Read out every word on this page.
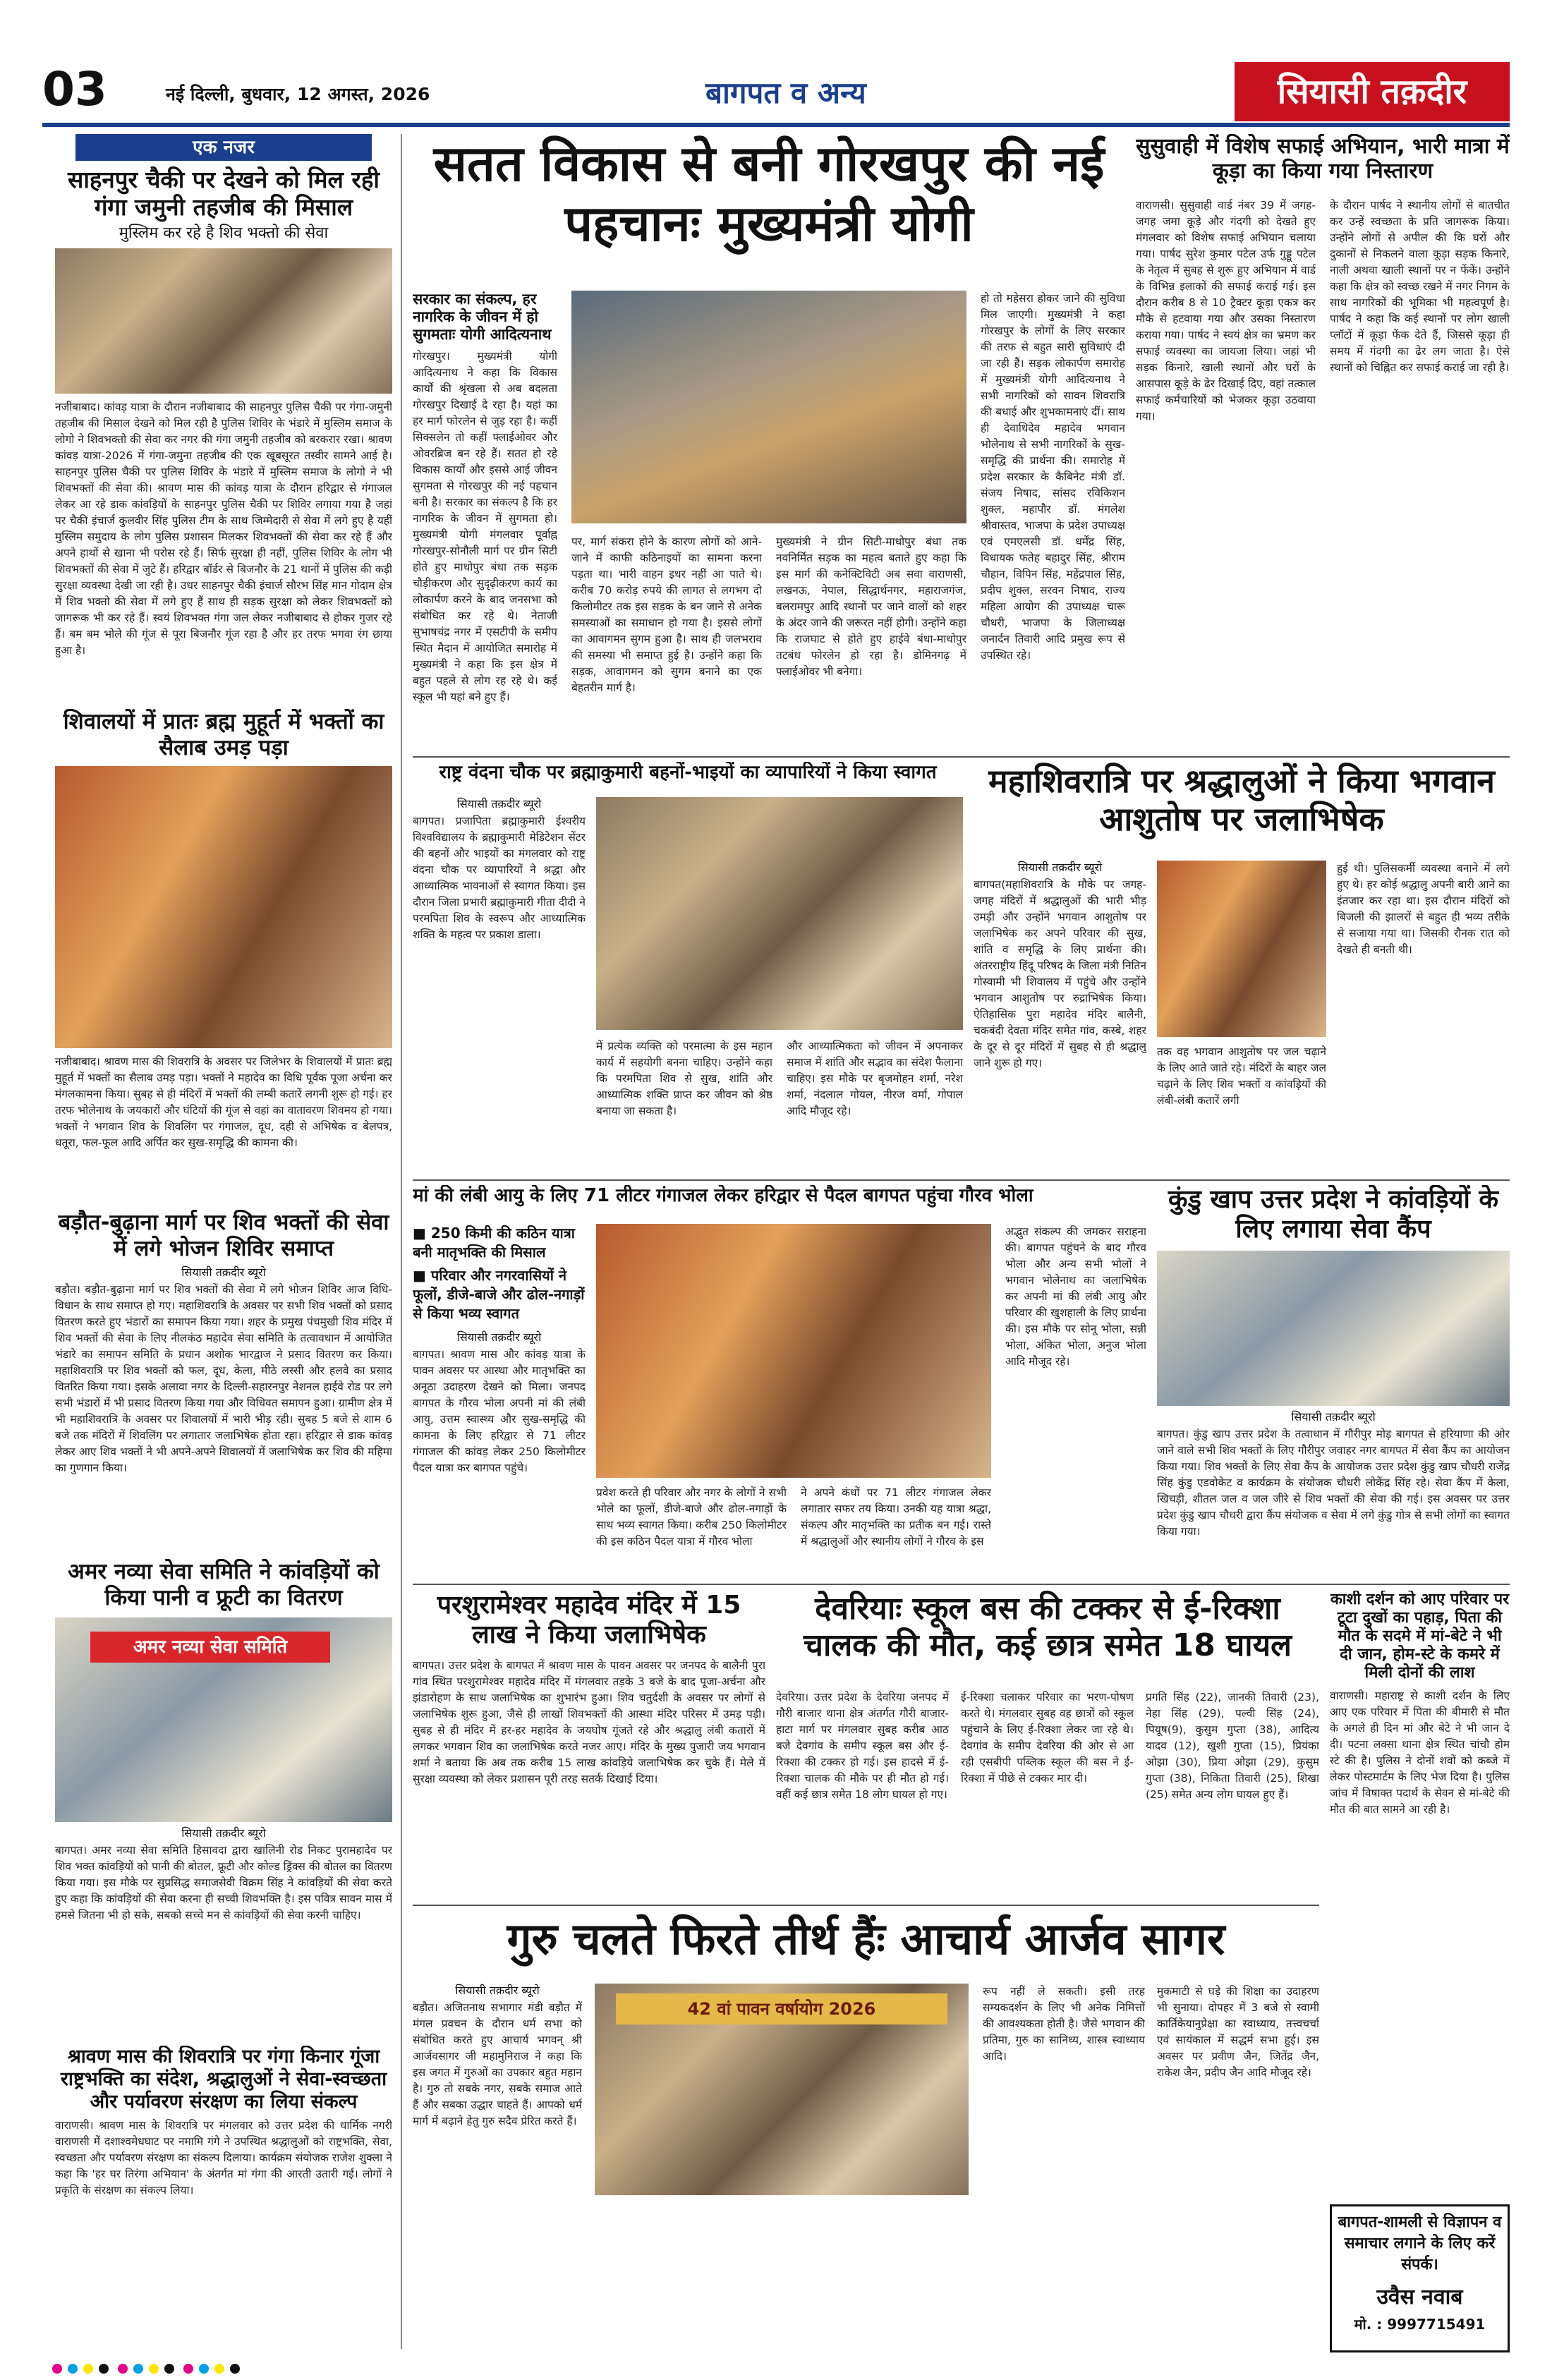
03	नई दिल्ली, बुधवार, 12 अगस्त, 2026	बागपत व अन्य	सियासी तक़दीर
एक नजर
साहनपुर चैकी पर देखने को मिल रही गंगा जमुनी तहजीब की मिसाल
मुस्लिम कर रहे है शिव भक्तो की सेवा
नजीबाबाद। कांवड़ यात्रा के दौरान नजीबाबाद की साहनपुर पुलिस चैकी पर गंगा-जमुनी तहजीब की मिसाल देखने को मिल रही है पुलिस शिविर के भंडारे में मुस्लिम समाज के लोगो ने शिवभक्तो की सेवा कर नगर की गंगा जमुनी तहजीब को बरकरार रखा। श्रावण कांवड़ यात्रा-2026 में गंगा-जमुना तहजीब की एक खूबसूरत तस्वीर सामने आई है। साहनपुर पुलिस चैकी पर पुलिस शिविर के भंडारे में मुस्लिम समाज के लोगो ने भी शिवभक्तों की सेवा की। श्रावण मास की कांवड़ यात्रा के दौरान हरिद्वार से गंगाजल लेकर आ रहे डाक कांवड़ियों के साहनपुर पुलिस चैकी पर शिविर लगाया गया है जहां पर चैकी इंचार्ज कुलवीर सिंह पुलिस टीम के साथ जिम्मेदारी से सेवा में लगे हुए है यहीं मुस्लिम समुदाय के लोग पुलिस प्रशासन मिलकर शिवभक्तों की सेवा कर रहे हैं और अपने हाथों से खाना भी परोस रहे हैं। सिर्फ सुरक्षा ही नहीं, पुलिस शिविर के लोग भी शिवभक्तों की सेवा में जुटे हैं। हरिद्वार बॉर्डर से बिजनौर के 21 थानों में पुलिस की कड़ी सुरक्षा व्यवस्था देखी जा रही है। उधर साहनपुर चैकी इंचार्ज सौरभ सिंह मान गोदाम क्षेत्र में शिव भक्तो की सेवा में लगे हुए हैं साथ ही सड़क सुरक्षा को लेकर शिवभक्तों को जागरूक भी कर रहे हैं। स्वयं शिवभक्त गंगा जल लेकर नजीबाबाद से होकर गुजर रहे हैं। बम बम भोले की गूंज से पूरा बिजनौर गूंज रहा है और हर तरफ भगवा रंग छाया हुआ है।
शिवालयों में प्रातः ब्रह्म मुहूर्त में भक्तों का सैलाब उमड़ पड़ा
नजीबाबाद। श्रावण मास की शिवरात्रि के अवसर पर जिलेभर के शिवालयों में प्रातः ब्रह्म मुहूर्त में भक्तों का सैलाब उमड़ पड़ा। भक्तों ने महादेव का विधि पूर्वक पूजा अर्चना कर मंगलकामना किया। सुबह से ही मंदिरों में भक्तों की लम्बी कतारें लगनी शुरू हो गई। हर तरफ भोलेनाथ के जयकारों और घंटियों की गूंज से वहां का वातावरण शिवमय हो गया। भक्तों ने भगवान शिव के शिवलिंग पर गंगाजल, दूध, दही से अभिषेक व बेलपत्र, धतूरा, फल-फूल आदि अर्पित कर सुख-समृद्धि की कामना की।
बड़ौत-बुढ़ाना मार्ग पर शिव भक्तों की सेवा में लगे भोजन शिविर समाप्त
सियासी तक़दीर ब्यूरो
बड़ौत। बड़ौत-बुढ़ाना मार्ग पर शिव भक्तों की सेवा में लगे भोजन शिविर आज विधि-विधान के साथ समाप्त हो गए। महाशिवरात्रि के अवसर पर सभी शिव भक्तों को प्रसाद वितरण करते हुए भंडारों का समापन किया गया। शहर के प्रमुख पंचमुखी शिव मंदिर में शिव भक्तों की सेवा के लिए नीलकंठ महादेव सेवा समिति के तत्वावधान में आयोजित भंडारे का समापन समिति के प्रधान अशोक भारद्वाज ने प्रसाद वितरण कर किया। महाशिवरात्रि पर शिव भक्तों को फल, दूध, केला, मीठे लस्सी और हलवे का प्रसाद वितरित किया गया। इसके अलावा नगर के दिल्ली-सहारनपुर नेशनल हाईवे रोड पर लगे सभी भंडारों में भी प्रसाद वितरण किया गया और विधिवत समापन हुआ। ग्रामीण क्षेत्र में भी महाशिवरात्रि के अवसर पर शिवालयों में भारी भीड़ रही। सुबह 5 बजे से शाम 6 बजे तक मंदिरों में शिवलिंग पर लगातार जलाभिषेक होता रहा। हरिद्वार से डाक कांवड़ लेकर आए शिव भक्तों ने भी अपने-अपने शिवालयों में जलाभिषेक कर शिव की महिमा का गुणगान किया।
अमर नव्या सेवा समिति ने कांवड़ियों को किया पानी व फ्रूटी का वितरण
अमर नव्या सेवा समिति
सियासी तक़दीर ब्यूरो
बागपत। अमर नव्या सेवा समिति हिसावदा द्वारा खालिनी रोड निकट पुरामहादेव पर शिव भक्त कांवड़ियों को पानी की बोतल, फ्रूटी और कोल्ड ड्रिंक्स की बोतल का वितरण किया गया। इस मौके पर सुप्रसिद्ध समाजसेवी विक्रम सिंह ने कांवड़ियों की सेवा करते हुए कहा कि कांवड़ियों की सेवा करना ही सच्ची शिवभक्ति है। इस पवित्र सावन मास में हमसे जितना भी हो सके, सबको सच्चे मन से कांवड़ियों की सेवा करनी चाहिए।
श्रावण मास की शिवरात्रि पर गंगा किनार गूंजा राष्ट्रभक्ति का संदेश, श्रद्धालुओं ने सेवा-स्वच्छता और पर्यावरण संरक्षण का लिया संकल्प
वाराणसी। श्रावण मास के शिवरात्रि पर मंगलवार को उत्तर प्रदेश की धार्मिक नगरी वाराणसी में दशाश्वमेधघाट पर नमामि गंगे ने उपस्थित श्रद्धालुओं को राष्ट्रभक्ति, सेवा, स्वच्छता और पर्यावरण संरक्षण का संकल्प दिलाया। कार्यक्रम संयोजक राजेश शुक्ला ने कहा कि 'हर घर तिरंगा अभियान' के अंतर्गत मां गंगा की आरती उतारी गई। लोगों ने प्रकृति के संरक्षण का संकल्प लिया।
सतत विकास से बनी गोरखपुर की नई पहचानः मुख्यमंत्री योगी
सरकार का संकल्प, हर नागरिक के जीवन में हो सुगमताः योगी आदित्यनाथ
गोरखपुर। मुख्यमंत्री योगी आदित्यनाथ ने कहा कि विकास कार्यों की श्रृंखला से अब बदलता गोरखपुर दिखाई दे रहा है। यहां का हर मार्ग फोरलेन से जुड़ रहा है। कहीं सिक्सलेन तो कहीं फ्लाईओवर और ओवरब्रिज बन रहे हैं। सतत हो रहे विकास कार्यों और इससे आई जीवन सुगमता से गोरखपुर की नई पहचान बनी है। सरकार का संकल्प है कि हर नागरिक के जीवन में सुगमता हो। मुख्यमंत्री योगी मंगलवार पूर्वाह्न गोरखपुर-सोनौली मार्ग पर ग्रीन सिटी होते हुए माधोपुर बंधा तक सड़क चौड़ीकरण और सुदृढ़ीकरण कार्य का लोकार्पण करने के बाद जनसभा को संबोधित कर रहे थे। नेताजी सुभाषचंद्र नगर में एसटीपी के समीप स्थित मैदान में आयोजित समारोह में मुख्यमंत्री ने कहा कि इस क्षेत्र में बहुत पहले से लोग रह रहे थे। कई स्कूल भी यहां बने हुए हैं।
पर, मार्ग संकरा होने के कारण लोगों को आने-जाने में काफी कठिनाइयों का सामना करना पड़ता था। भारी वाहन इधर नहीं आ पाते थे। करीब 70 करोड़ रुपये की लागत से लगभग दो किलोमीटर तक इस सड़क के बन जाने से अनेक समस्याओं का समाधान हो गया है। इससे लोगों का आवागमन सुगम हुआ है। साथ ही जलभराव की समस्या भी समाप्त हुई है। उन्होंने कहा कि सड़क, आवागमन को सुगम बनाने का एक बेहतरीन मार्ग है।
मुख्यमंत्री ने ग्रीन सिटी-माधोपुर बंधा तक नवनिर्मित सड़क का महत्व बताते हुए कहा कि इस मार्ग की कनेक्टिविटी अब सवा वाराणसी, लखनऊ, नेपाल, सिद्धार्थनगर, महाराजगंज, बलरामपुर आदि स्थानों पर जाने वालों को शहर के अंदर जाने की जरूरत नहीं होगी। उन्होंने कहा कि राजघाट से होते हुए हाईवे बंधा-माधोपुर तटबंध फोरलेन हो रहा है। डोमिनगढ़ में फ्लाईओवर भी बनेगा।
हो तो महेसरा होकर जाने की सुविधा मिल जाएगी। मुख्यमंत्री ने कहा गोरखपुर के लोगों के लिए सरकार की तरफ से बहुत सारी सुविधाएं दी जा रही हैं। सड़क लोकार्पण समारोह में मुख्यमंत्री योगी आदित्यनाथ ने सभी नागरिकों को सावन शिवरात्रि की बधाई और शुभकामनाएं दीं। साथ ही देवाधिदेव महादेव भगवान भोलेनाथ से सभी नागरिकों के सुख-समृद्धि की प्रार्थना की। समारोह में प्रदेश सरकार के कैबिनेट मंत्री डॉ. संजय निषाद, सांसद रविकिशन शुक्ल, महापौर डॉ. मंगलेश श्रीवास्तव, भाजपा के प्रदेश उपाध्यक्ष एवं एमएलसी डॉ. धर्मेंद्र सिंह, विधायक फतेह बहादुर सिंह, श्रीराम चौहान, विपिन सिंह, महेंद्रपाल सिंह, प्रदीप शुक्ल, सरवन निषाद, राज्य महिला आयोग की उपाध्यक्ष चारू चौधरी, भाजपा के जिलाध्यक्ष जनार्दन तिवारी आदि प्रमुख रूप से उपस्थित रहे।
सुसुवाही में विशेष सफाई अभियान, भारी मात्रा में कूड़ा का किया गया निस्तारण
वाराणसी। सुसुवाही वार्ड नंबर 39 में जगह-जगह जमा कूड़े और गंदगी को देखते हुए मंगलवार को विशेष सफाई अभियान चलाया गया। पार्षद सुरेश कुमार पटेल उर्फ गुड्डू पटेल के नेतृत्व में सुबह से शुरू हुए अभियान में वार्ड के विभिन्न इलाकों की सफाई कराई गई। इस दौरान करीब 8 से 10 ट्रैक्टर कूड़ा एकत्र कर मौके से हटवाया गया और उसका निस्तारण कराया गया। पार्षद ने स्वयं क्षेत्र का भ्रमण कर सफाई व्यवस्था का जायजा लिया। जहां भी सड़क किनारे, खाली स्थानों और घरों के आसपास कूड़े के ढेर दिखाई दिए, वहां तत्काल सफाई कर्मचारियों को भेजकर कूड़ा उठवाया गया।
के दौरान पार्षद ने स्थानीय लोगों से बातचीत कर उन्हें स्वच्छता के प्रति जागरूक किया। उन्होंने लोगों से अपील की कि घरों और दुकानों से निकलने वाला कूड़ा सड़क किनारे, नाली अथवा खाली स्थानों पर न फेंकें। उन्होंने कहा कि क्षेत्र को स्वच्छ रखने में नगर निगम के साथ नागरिकों की भूमिका भी महत्वपूर्ण है। पार्षद ने कहा कि कई स्थानों पर लोग खाली प्लॉटों में कूड़ा फेंक देते हैं, जिससे कूड़ा ही समय में गंदगी का ढेर लग जाता है। ऐसे स्थानों को चिह्नित कर सफाई कराई जा रही है।
राष्ट्र वंदना चौक पर ब्रह्माकुमारी बहनों-भाइयों का व्यापारियों ने किया स्वागत
सियासी तक़दीर ब्यूरो
बागपत। प्रजापिता ब्रह्माकुमारी ईश्वरीय विश्वविद्यालय के ब्रह्माकुमारी मेडिटेशन सेंटर की बहनों और भाइयों का मंगलवार को राष्ट्र वंदना चौक पर व्यापारियों ने श्रद्धा और आध्यात्मिक भावनाओं से स्वागत किया। इस दौरान जिला प्रभारी ब्रह्माकुमारी गीता दीदी ने परमपिता शिव के स्वरूप और आध्यात्मिक शक्ति के महत्व पर प्रकाश डाला।
में प्रत्येक व्यक्ति को परमात्मा के इस महान कार्य में सहयोगी बनना चाहिए। उन्होंने कहा कि परमपिता शिव से सुख, शांति और आध्यात्मिक शक्ति प्राप्त कर जीवन को श्रेष्ठ बनाया जा सकता है।
और आध्यात्मिकता को जीवन में अपनाकर समाज में शांति और सद्भाव का संदेश फैलाना चाहिए। इस मौके पर बृजमोहन शर्मा, नरेश शर्मा, नंदलाल गोयल, नीरज वर्मा, गोपाल आदि मौजूद रहे।
महाशिवरात्रि पर श्रद्धालुओं ने किया भगवान आशुतोष पर जलाभिषेक
सियासी तक़दीर ब्यूरो
बागपत(महाशिवरात्रि के मौके पर जगह- जगह मंदिरों में श्रद्धालुओं की भारी भीड़ उमड़ी और उन्होंने भगवान आशुतोष पर जलाभिषेक कर अपने परिवार की सुख, शांति व समृद्धि के लिए प्रार्थना की। अंतरराष्ट्रीय हिंदू परिषद के जिला मंत्री नितिन गोस्वामी भी शिवालय में पहुंचे और उन्होंने भगवान आशुतोष पर रुद्राभिषेक किया। ऐतिहासिक पुरा महादेव मंदिर बालैनी, चकबंदी देवता मंदिर समेत गांव, कस्बे, शहर के दूर से दूर मंदिरों में सुबह से ही श्रद्धालु जाने शुरू हो गए।
तक वह भगवान आशुतोष पर जल चढ़ाने के लिए आते जाते रहे। मंदिरों के बाहर जल चढ़ाने के लिए शिव भक्तों व कांवड़ियों की लंबी-लंबी कतारें लगी
हुई थी। पुलिसकर्मी व्यवस्था बनाने में लगे हुए थे। हर कोई श्रद्धालु अपनी बारी आने का इंतजार कर रहा था। इस दौरान मंदिरों को बिजली की झालरों से बहुत ही भव्य तरीके से सजाया गया था। जिसकी रौनक रात को देखते ही बनती थी।
मां की लंबी आयु के लिए 71 लीटर गंगाजल लेकर हरिद्वार से पैदल बागपत पहुंचा गौरव भोला
■ 250 किमी की कठिन यात्रा बनी मातृभक्ति की मिसाल
■ परिवार और नगरवासियों ने फूलों, डीजे-बाजे और ढोल-नगाड़ों से किया भव्य स्वागत
सियासी तक़दीर ब्यूरो
बागपत। श्रावण मास और कांवड़ यात्रा के पावन अवसर पर आस्था और मातृभक्ति का अनूठा उदाहरण देखने को मिला। जनपद बागपत के गौरव भोला अपनी मां की लंबी आयु, उत्तम स्वास्थ्य और सुख-समृद्धि की कामना के लिए हरिद्वार से 71 लीटर गंगाजल की कांवड़ लेकर 250 किलोमीटर पैदल यात्रा कर बागपत पहुंचे।
प्रवेश करते ही परिवार और नगर के लोगों ने सभी भोले का फूलों, डीजे-बाजे और ढोल-नगाड़ों के साथ भव्य स्वागत किया। करीब 250 किलोमीटर की इस कठिन पैदल यात्रा में गौरव भोला
ने अपने कंधों पर 71 लीटर गंगाजल लेकर लगातार सफर तय किया। उनकी यह यात्रा श्रद्धा, संकल्प और मातृभक्ति का प्रतीक बन गई। रास्ते में श्रद्धालुओं और स्थानीय लोगों ने गौरव के इस
अद्भुत संकल्प की जमकर सराहना की। बागपत पहुंचने के बाद गौरव भोला और अन्य सभी भोलों ने भगवान भोलेनाथ का जलाभिषेक कर अपनी मां की लंबी आयु और परिवार की खुशहाली के लिए प्रार्थना की। इस मौके पर सोनू भोला, सन्नी भोला, अंकित भोला, अनुज भोला आदि मौजूद रहे।
कुंडु खाप उत्तर प्रदेश ने कांवड़ियों के लिए लगाया सेवा कैंप
सियासी तक़दीर ब्यूरो
बागपत। कुंडु खाप उत्तर प्रदेश के तत्वाधान में गौरीपुर मोड़ बागपत से हरियाणा की ओर जाने वाले सभी शिव भक्तों के लिए गौरीपुर जवाहर नगर बागपत में सेवा कैंप का आयोजन किया गया। शिव भक्तों के लिए सेवा कैंप के आयोजक उत्तर प्रदेश कुंडु खाप चौधरी राजेंद्र सिंह कुंडु एडवोकेट व कार्यक्रम के संयोजक चौधरी लोकेंद्र सिंह रहे। सेवा कैंप में केला, खिचड़ी, शीतल जल व जल जीरे से शिव भक्तों की सेवा की गई। इस अवसर पर उत्तर प्रदेश कुंडु खाप चौधरी द्वारा कैंप संयोजक व सेवा में लगे कुंडु गोत्र से सभी लोगों का स्वागत किया गया।
परशुरामेश्वर महादेव मंदिर में 15 लाख ने किया जलाभिषेक
बागपत। उत्तर प्रदेश के बागपत में श्रावण मास के पावन अवसर पर जनपद के बालैनी पुरा गांव स्थित परशुरामेश्वर महादेव मंदिर में मंगलवार तड़के 3 बजे के बाद पूजा-अर्चना और झंडारोहण के साथ जलाभिषेक का शुभारंभ हुआ। शिव चतुर्दशी के अवसर पर लोगों से जलाभिषेक शुरू हुआ, जैसे ही लाखों शिवभक्तों की आस्था मंदिर परिसर में उमड़ पड़ी। सुबह से ही मंदिर में हर-हर महादेव के जयघोष गूंजते रहे और श्रद्धालु लंबी कतारों में लगकर भगवान शिव का जलाभिषेक करते नजर आए। मंदिर के मुख्य पुजारी जय भगवान शर्मा ने बताया कि अब तक करीब 15 लाख कांवड़िये जलाभिषेक कर चुके हैं। मेले में सुरक्षा व्यवस्था को लेकर प्रशासन पूरी तरह सतर्क दिखाई दिया।
देवरियाः स्कूल बस की टक्कर से ई-रिक्शा चालक की मौत, कई छात्र समेत 18 घायल
देवरिया। उत्तर प्रदेश के देवरिया जनपद में गौरी बाजार थाना क्षेत्र अंतर्गत गौरी बाजार-हाटा मार्ग पर मंगलवार सुबह करीब आठ बजे देवगांव के समीप स्कूल बस और ई-रिक्शा की टक्कर हो गई। इस हादसे में ई-रिक्शा चालक की मौके पर ही मौत हो गई। वहीं कई छात्र समेत 18 लोग घायल हो गए।
ई-रिक्शा चलाकर परिवार का भरण-पोषण करते थे। मंगलवार सुबह वह छात्रों को स्कूल पहुंचाने के लिए ई-रिक्शा लेकर जा रहे थे। देवगांव के समीप देवरिया की ओर से आ रही एसबीपी पब्लिक स्कूल की बस ने ई-रिक्शा में पीछे से टक्कर मार दी।
प्रगति सिंह (22), जानकी तिवारी (23), नेहा सिंह (29), पल्वी सिंह (24), पियूष(9), कुसुम गुप्ता (38), आदित्य यादव (12), खुशी गुप्ता (15), प्रियंका ओझा (30), प्रिया ओझा (29), कुसुम गुप्ता (38), निकिता तिवारी (25), शिखा (25) समेत अन्य लोग घायल हुए हैं।
काशी दर्शन को आए परिवार पर टूटा दुखों का पहाड़, पिता की मौत के सदमे में मां-बेटे ने भी दी जान, होम-स्टे के कमरे में मिली दोनों की लाश
वाराणसी। महाराष्ट्र से काशी दर्शन के लिए आए एक परिवार में पिता की बीमारी से मौत के अगले ही दिन मां और बेटे ने भी जान दे दी। पटना लक्सा थाना क्षेत्र स्थित चांचौ होम स्टे की है। पुलिस ने दोनों शवों को कब्जे में लेकर पोस्टमार्टम के लिए भेज दिया है। पुलिस जांच में विषाक्त पदार्थ के सेवन से मां-बेटे की मौत की बात सामने आ रही है।
गुरु चलते फिरते तीर्थ हैंः आचार्य आर्जव सागर
सियासी तक़दीर ब्यूरो
बड़ौत। अजितनाथ सभागार मंडी बड़ौत में मंगल प्रवचन के दौरान धर्म सभा को संबोधित करते हुए आचार्य भगवन् श्री आर्जवसागर जी महामुनिराज ने कहा कि इस जगत में गुरुओं का उपकार बहुत महान है। गुरु तो सबके नगर, सबके समाज आते हैं और सबका उद्धार चाहते हैं। आपको धर्म मार्ग में बढ़ाने हेतु गुरु सदैव प्रेरित करते हैं।
42 वां पावन वर्षायोग 2026
रूप नहीं ले सकती। इसी तरह सम्यकदर्शन के लिए भी अनेक निमित्तों की आवश्यकता होती है। जैसे भगवान की प्रतिमा, गुरु का सानिध्य, शास्त्र स्वाध्याय आदि।
मुकमाटी से घड़े की शिक्षा का उदाहरण भी सुनाया। दोपहर में 3 बजे से स्वामी कार्तिकेयानुप्रेक्षा का स्वाध्याय, तत्त्वचर्चा एवं सायंकाल में सद्धर्म सभा हुई। इस अवसर पर प्रवीण जैन, जितेंद्र जैन, राकेश जैन, प्रदीप जैन आदि मौजूद रहे।
बागपत-शामली से विज्ञापन व समाचार लगाने के लिए करें संपर्क।
उवैस नवाब
मो. : 9997715491
